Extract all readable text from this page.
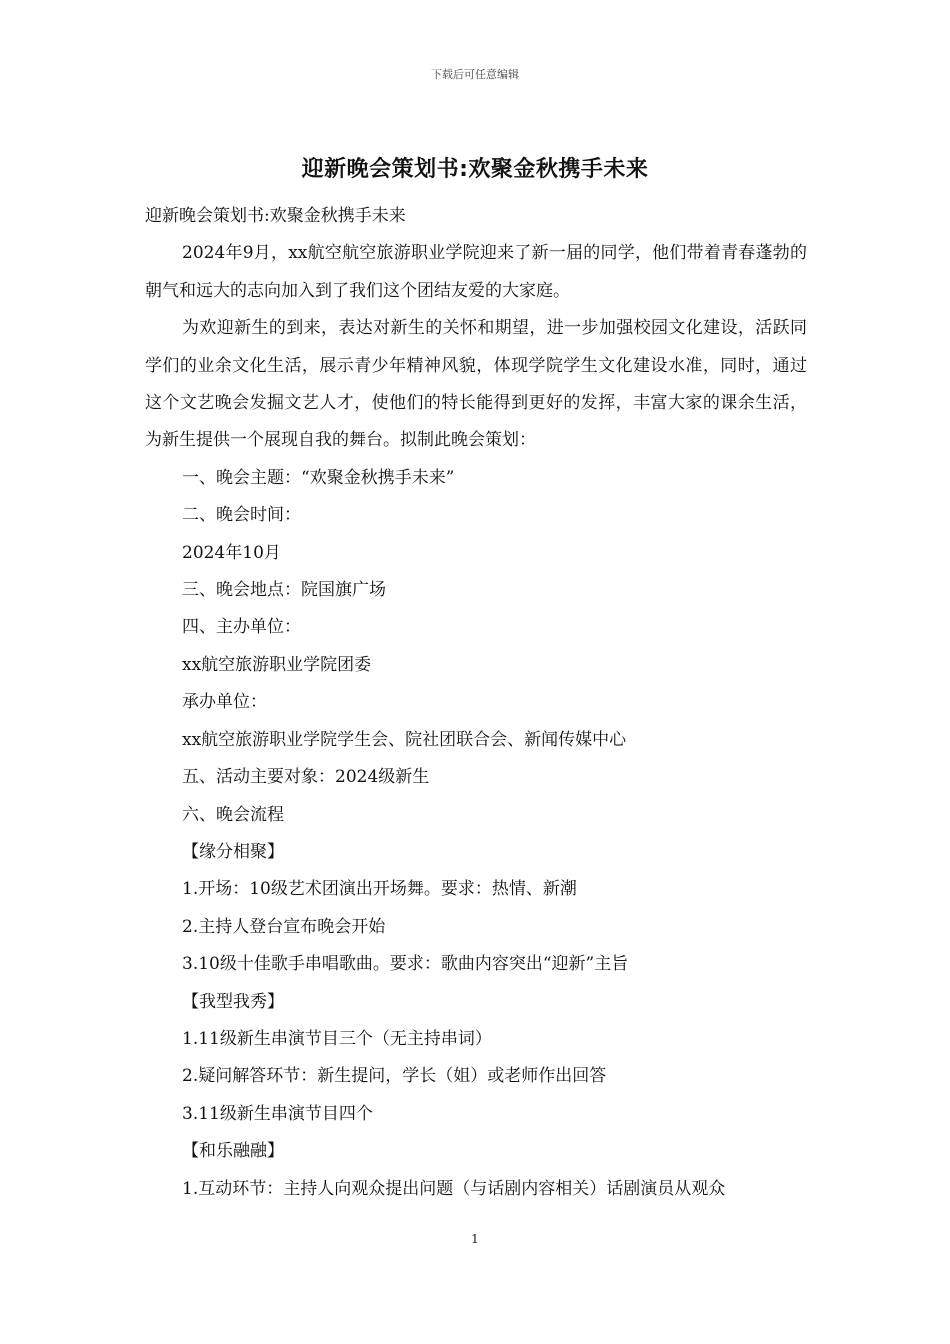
下载后可任意编辑
迎新晚会策划书:欢聚金秋携手未来

迎新晚会策划书:欢聚金秋携手未来

2024年9月，xx航空航空旅游职业学院迎来了新一届的同学，他们带着青春蓬勃的朝气和远大的志向加入到了我们这个团结友爱的大家庭。

为欢迎新生的到来，表达对新生的关怀和期望，进一步加强校园文化建设，活跃同学们的业余文化生活，展示青少年精神风貌，体现学院学生文化建设水准，同时，通过这个文艺晚会发掘文艺人才，使他们的特长能得到更好的发挥，丰富大家的课余生活，为新生提供一个展现自我的舞台。拟制此晚会策划：

一、晚会主题：“欢聚金秋携手未来”

二、晚会时间：

2024年10月

三、晚会地点：院国旗广场

四、主办单位：

xx航空旅游职业学院团委

承办单位：

xx航空旅游职业学院学生会、院社团联合会、新闻传媒中心

五、活动主要对象：2024级新生

六、晚会流程

【缘分相聚】

1.开场：10级艺术团演出开场舞。要求：热情、新潮

2.主持人登台宣布晚会开始

3.10级十佳歌手串唱歌曲。要求：歌曲内容突出“迎新”主旨

【我型我秀】

1.11级新生串演节目三个（无主持串词）

2.疑问解答环节：新生提问，学长（姐）或老师作出回答

3.11级新生串演节目四个

【和乐融融】

1.互动环节：主持人向观众提出问题（与话剧内容相关）话剧演员从观众

1
